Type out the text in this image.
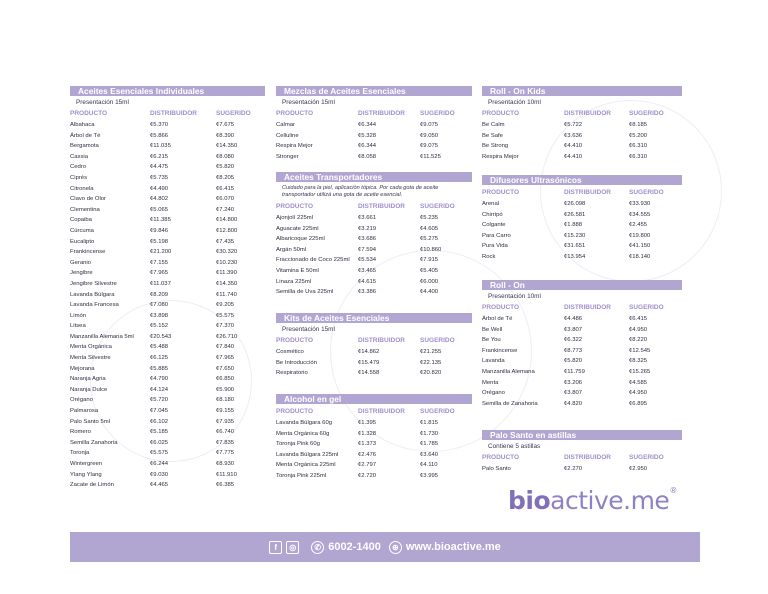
Aceites Esenciales Individuales
Presentación 15ml
PRODUCTO	DISTRIBUIDOR	SUGERIDO
Albahaca	¢5.370	¢7.675
Árbol de Té	¢5.866	¢8.390
Bergamota	¢11.035	¢14.350
Cassia	¢6.215	¢8.080
Cedro	¢4.475	¢5.820
Ciprés	¢5.735	¢8.205
Citronela	¢4.490	¢6.415
Clavo de Olor	¢4.802	¢6.070
Clementina	¢5.065	¢7.240
Copaiba	¢11.385	¢14.800
Cúrcuma	¢9.846	¢12.800
Eucalipto	¢5.198	¢7.435
Frankincense	¢21.200	¢30.320
Geranio	¢7.155	¢10.230
Jengibre	¢7.965	¢11.390
Jengibre Silvestre	¢11.037	¢14.350
Lavanda Búlgara	¢8.209	¢11.740
Lavanda Francesa	¢7.080	¢9.205
Limón	¢3.898	¢5.575
Litsea	¢5.152	¢7.370
Manzanilla Alemana 5ml	¢20.543	¢26.710
Menta Orgánica	¢5.488	¢7.840
Menta Silvestre	¢6.125	¢7.965
Mejorana	¢5.885	¢7.650
Naranja Agria	¢4.790	¢6.850
Naranja Dulce	¢4.124	¢5.900
Orégano	¢5.720	¢8.180
Palmarosa	¢7.045	¢9.155
Palo Santo 5ml	¢6.102	¢7.935
Romero	¢5.185	¢6.740
Semilla Zanahoria	¢6.025	¢7.835
Toronja	¢5.575	¢7.775
Wintergreen	¢6.244	¢8.930
Ylang Ylang	¢9.030	¢11.910
Zacate de Limón	¢4.465	¢6.385
Mezclas de Aceites Esenciales
Presentación 15ml
PRODUCTO	DISTRIBUIDOR	SUGERIDO
Calmar	¢6.344	¢9.075
Celluline	¢5.328	¢9.050
Respira Mejor	¢6.344	¢9.075
Stronger	¢8.058	¢11.525
Aceites Transportadores
Cuidado para la piel, aplicación tópica. Por cada gota de aceite transportador utilizá una gota de aceite esencial.
PRODUCTO	DISTRIBUIDOR	SUGERIDO
Ajonjolí 225ml	¢3.661	¢5.235
Aguacate 225ml	¢3.219	¢4.605
Albaricoque 225ml	¢3.686	¢5.275
Argán 50ml	¢7.594	¢10.860
Fraccionado de Coco 225ml	¢5.534	¢7.915
Vitamina E 50ml	¢3.465	¢5.405
Linaza 225ml	¢4.615	¢6.000
Semilla de Uva 225ml	¢3.386	¢4.400
Kits de Aceites Esenciales
Presentación 15ml
PRODUCTO	DISTRIBUIDOR	SUGERIDO
Cosmético	¢14.862	¢21.255
Be Introducción	¢15.479	¢22.135
Respiratorio	¢14.558	¢20.820
Alcohol en gel
PRODUCTO	DISTRIBUIDOR	SUGERIDO
Lavanda Búlgara 60g	¢1.395	¢1.815
Menta Orgánica 60g	¢1.328	¢1.730
Toronja Pink 60g	¢1.373	¢1.785
Lavanda Búlgara 225ml	¢2.476	¢3.640
Menta Orgánica 225ml	¢2.797	¢4.110
Toronja Pink 225ml	¢2.720	¢3.995
Roll - On Kids
Presentación 10ml
PRODUCTO	DISTRIBUIDOR	SUGERIDO
Be Calm	¢5.722	¢8.185
Be Safe	¢3.636	¢5.200
Be Strong	¢4.410	¢6.310
Respira Mejor	¢4.410	¢6.310
Difusores Ultrasónicos
PRODUCTO	DISTRIBUIDOR	SUGERIDO
Arenal	¢26.098	¢33.930
Chirripó	¢26.581	¢34.555
Colgante	¢1.888	¢2.455
Para Carro	¢15.230	¢19.800
Pura Vida	¢31.651	¢41.150
Rock	¢13.954	¢18.140
Roll - On
Presentación 10ml
PRODUCTO	DISTRIBUIDOR	SUGERIDO
Árbol de Té	¢4.486	¢6.415
Be Well	¢3.807	¢4.950
Be You	¢6.322	¢8.220
Frankincense	¢8.773	¢12.545
Lavanda	¢5.820	¢8.325
Manzanilla Alemana	¢11.759	¢15.265
Menta	¢3.206	¢4.585
Orégano	¢3.807	¢4.950
Semilla de Zanahoria	¢4.820	¢6.895
Palo Santo en astillas
Contiene 5 astillas
PRODUCTO	DISTRIBUIDOR	SUGERIDO
Palo Santo	¢2.270	¢2.950
bioactive.me®
f	◎	✆ 6002-1400	⊕ www.bioactive.me
